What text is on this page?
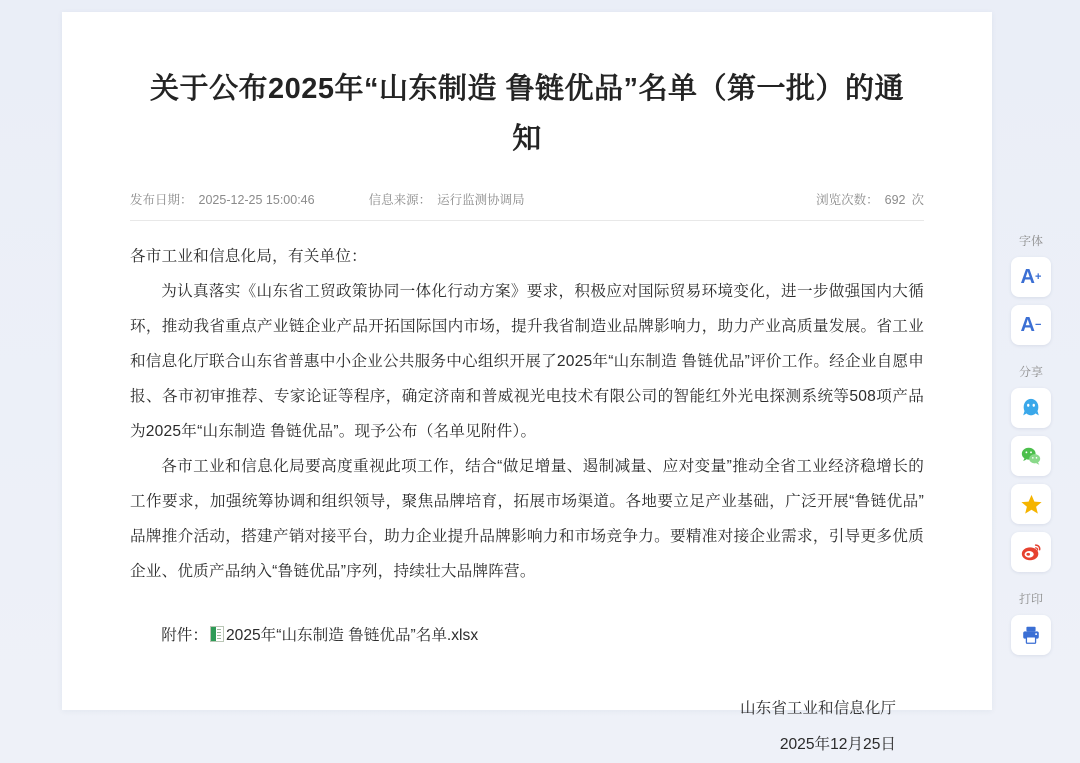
关于公布2025年“山东制造 鲁链优品”名单（第一批）的通知
发布日期： 2025-12-25 15:00:46	信息来源： 运行监测协调局	浏览次数： 692 次

各市工业和信息化局，有关单位：

为认真落实《山东省工贸政策协同一体化行动方案》要求，积极应对国际贸易环境变化，进一步做强国内大循环，推动我省重点产业链企业产品开拓国际国内市场，提升我省制造业品牌影响力，助力产业高质量发展。省工业和信息化厅联合山东省普惠中小企业公共服务中心组织开展了2025年“山东制造 鲁链优品”评价工作。经企业自愿申报、各市初审推荐、专家论证等程序，确定济南和普威视光电技术有限公司的智能红外光电探测系统等508项产品为2025年“山东制造 鲁链优品”。现予公布（名单见附件）。

各市工业和信息化局要高度重视此项工作，结合“做足增量、遏制减量、应对变量”推动全省工业经济稳增长的工作要求，加强统筹协调和组织领导，聚焦品牌培育，拓展市场渠道。各地要立足产业基础，广泛开展“鲁链优品”品牌推介活动，搭建产销对接平台，助力企业提升品牌影响力和市场竞争力。要精准对接企业需求，引导更多优质企业、优质产品纳入“鲁链优品”序列，持续壮大品牌阵营。

附件： 2025年“山东制造 鲁链优品”名单.xlsx
山东省工业和信息化厅
2025年12月25日
字体
A +
A −
分享
打印
